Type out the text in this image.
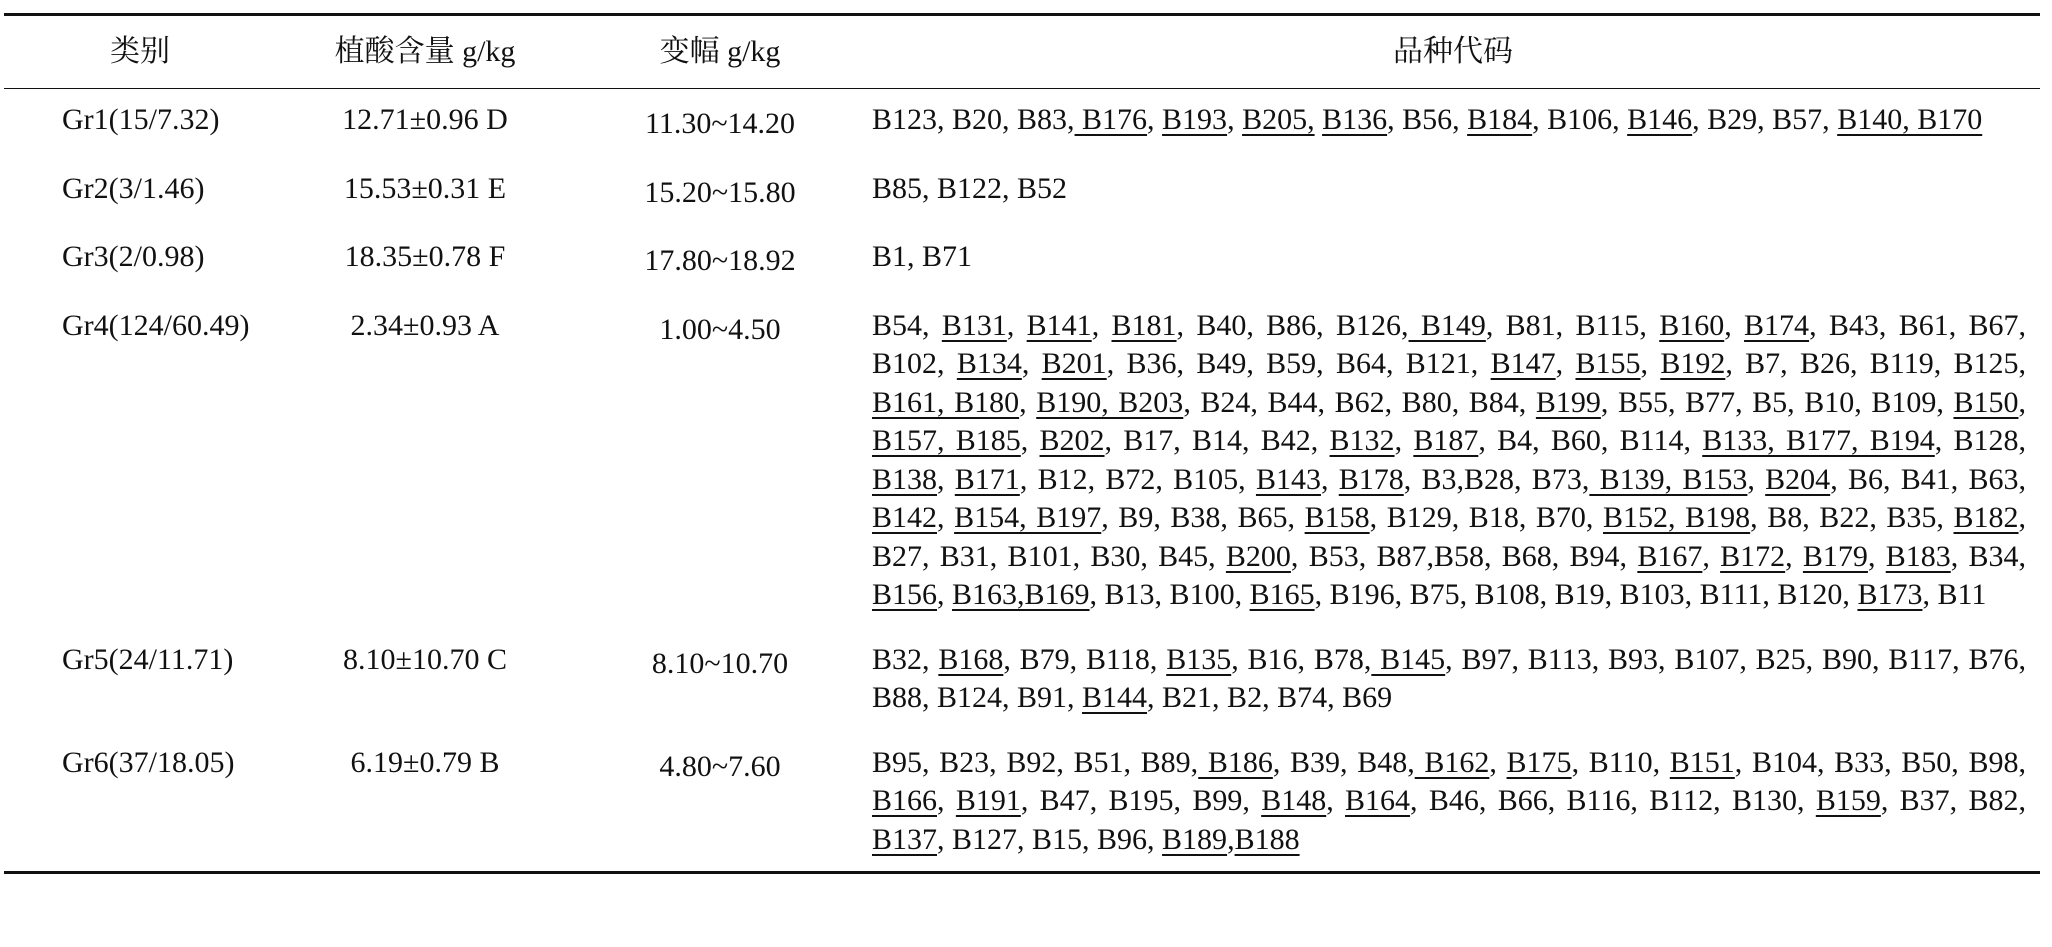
类别	植酸含量 g/kg	变幅 g/kg	品种代码
Gr1(15/7.32)	12.71±0.96 D	11.30~14.20	B123, B20, B83, B176, B193, B205, B136, B56, B184, B106, B146, B29, B57, B140, B170
Gr2(3/1.46)	15.53±0.31 E	15.20~15.80	B85, B122, B52
Gr3(2/0.98)	18.35±0.78 F	17.80~18.92	B1, B71
Gr4(124/60.49)	2.34±0.93 A	1.00~4.50	B54, B131, B141, B181, B40, B86, B126, B149, B81, B115, B160, B174, B43, B61, B67, B102, B134, B201, B36, B49, B59, B64, B121, B147, B155, B192, B7, B26, B119, B125, B161, B180, B190, B203, B24, B44, B62, B80, B84, B199, B55, B77, B5, B10, B109, B150, B157, B185, B202, B17, B14, B42, B132, B187, B4, B60, B114, B133, B177, B194, B128, B138, B171, B12, B72, B105, B143, B178, B3,B28, B73, B139, B153, B204, B6, B41, B63, B142, B154, B197, B9, B38, B65, B158, B129, B18, B70, B152, B198, B8, B22, B35, B182, B27, B31, B101, B30, B45, B200, B53, B87,B58, B68, B94, B167, B172, B179, B183, B34, B156, B163,B169, B13, B100, B165, B196, B75, B108, B19, B103, B111, B120, B173, B11
Gr5(24/11.71)	8.10±10.70 C	8.10~10.70	B32, B168, B79, B118, B135, B16, B78, B145, B97, B113, B93, B107, B25, B90, B117, B76, B88, B124, B91, B144, B21, B2, B74, B69
Gr6(37/18.05)	6.19±0.79 B	4.80~7.60	B95, B23, B92, B51, B89, B186, B39, B48, B162, B175, B110, B151, B104, B33, B50, B98, B166, B191, B47, B195, B99, B148, B164, B46, B66, B116, B112, B130, B159, B37, B82, B137, B127, B15, B96, B189,B188
